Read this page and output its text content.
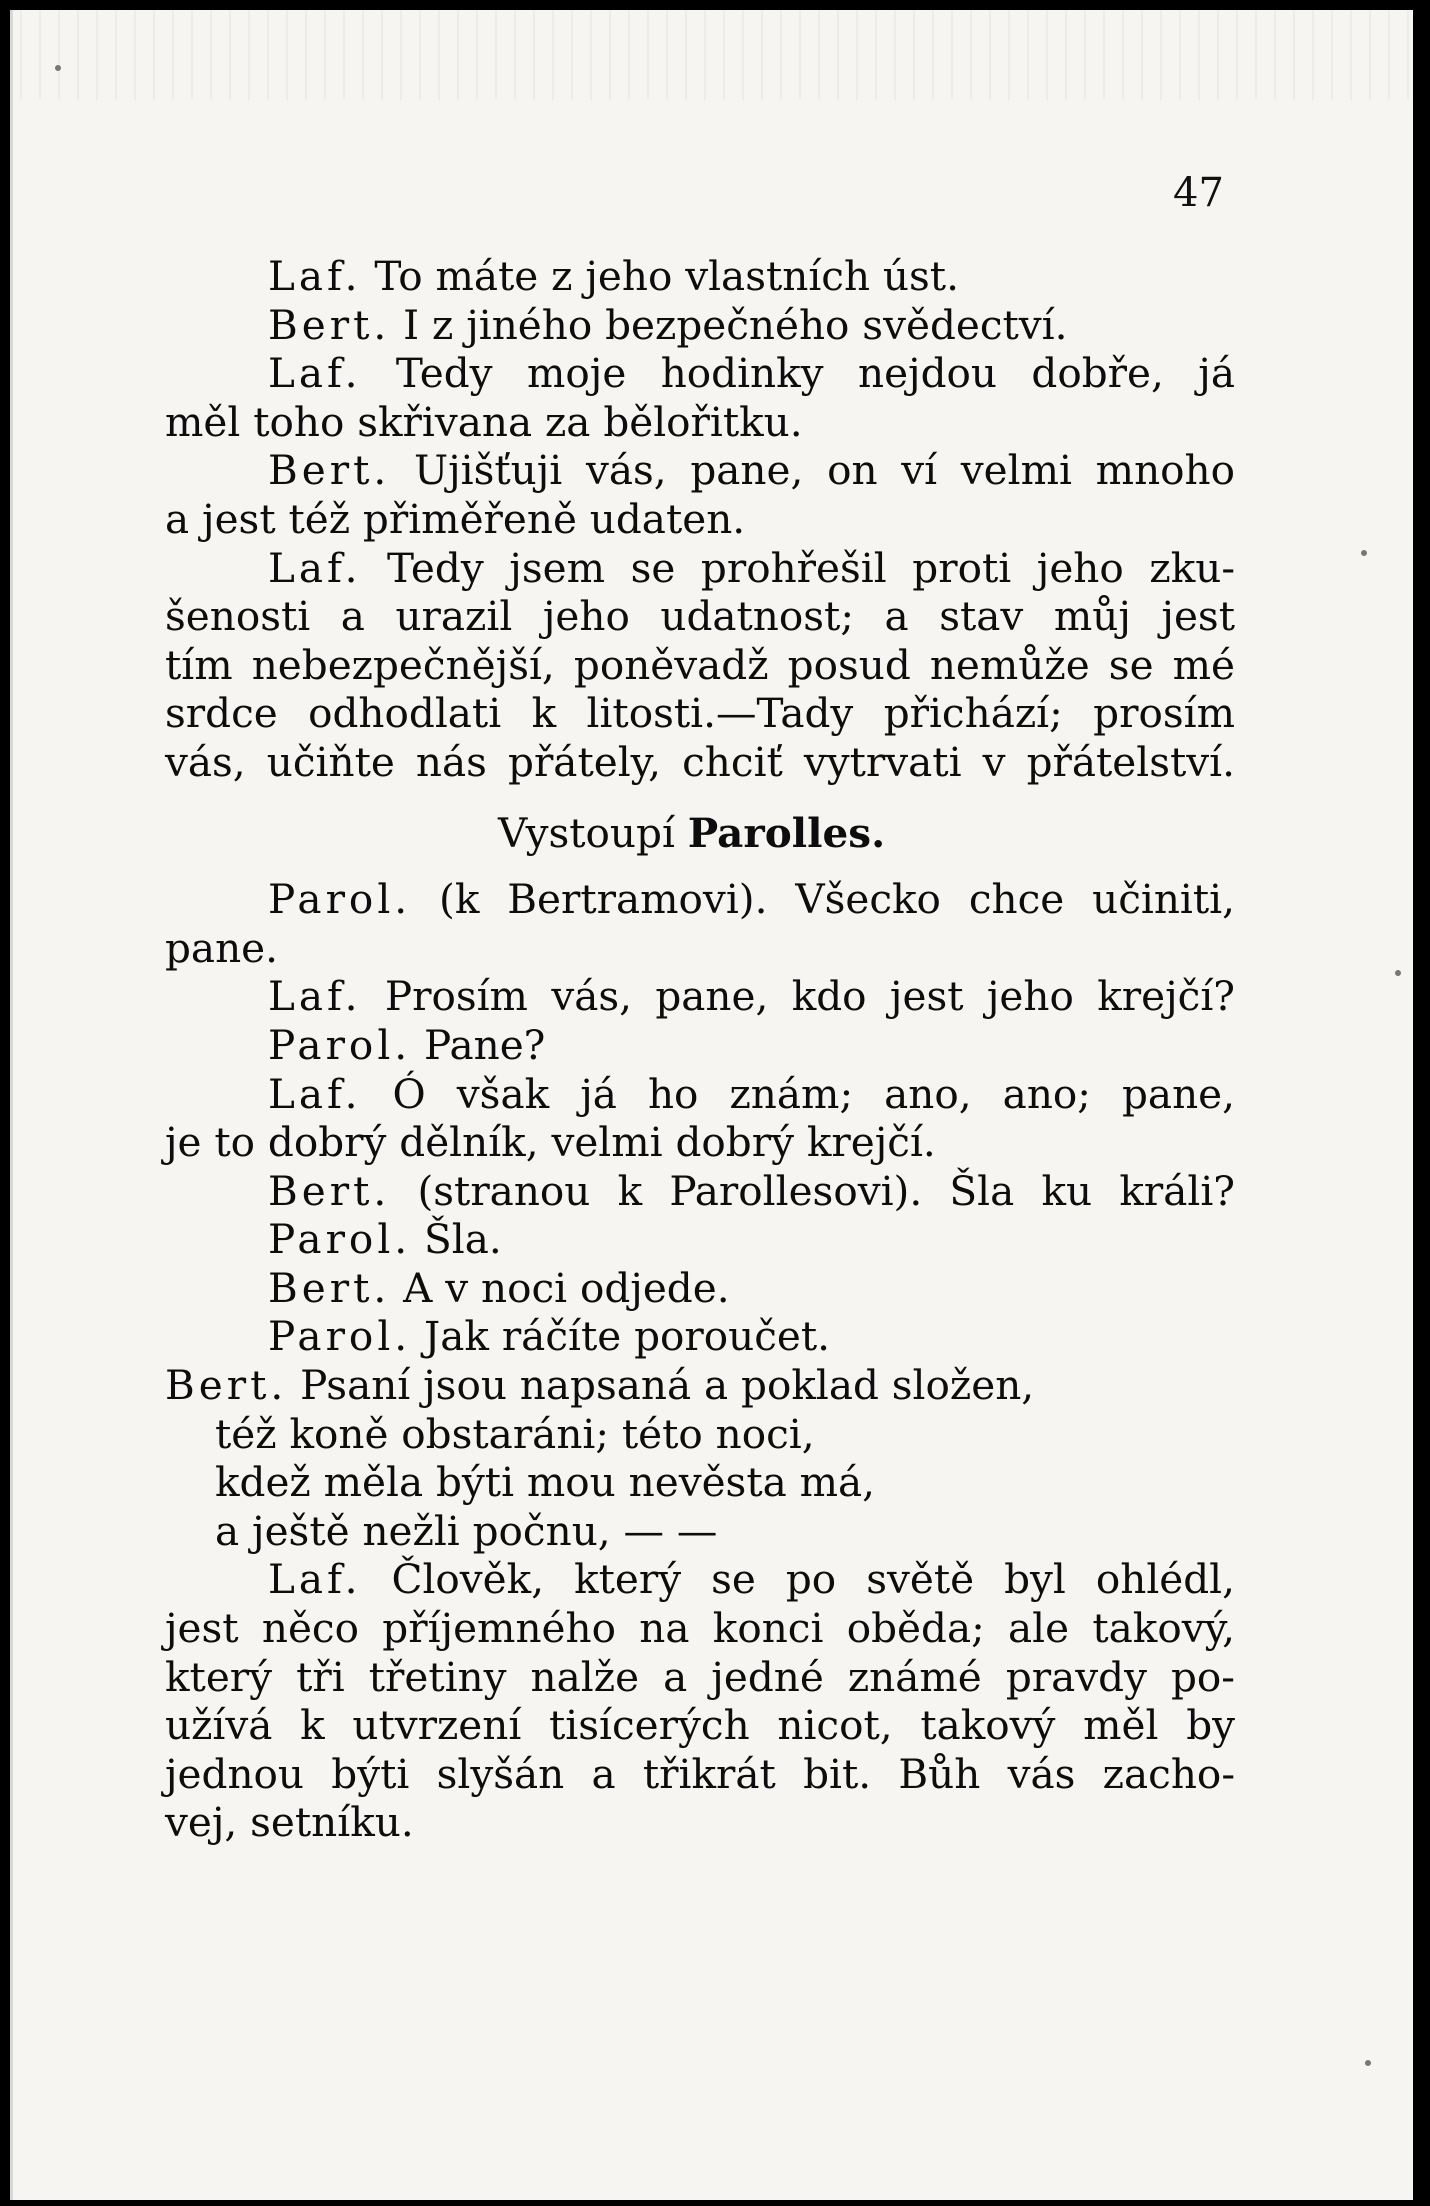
47
Laf. To máte z jeho vlastních úst.
Bert. I z jiného bezpečného svědectví.
Laf. Tedy moje hodinky nejdou dobře, já
měl toho skřivana za bělořitku.
Bert. Ujišťuji vás, pane, on ví velmi mnoho
a jest též přiměřeně udaten.
Laf. Tedy jsem se prohřešil proti jeho zku-
šenosti a urazil jeho udatnost; a stav můj jest
tím nebezpečnější, poněvadž posud nemůže se mé
srdce odhodlati k litosti.—Tady přichází; prosím
vás, učiňte nás přátely, chciť vytrvati v přátelství.
Vystoupí Parolles.
Parol. (k Bertramovi). Všecko chce učiniti,
pane.
Laf. Prosím vás, pane, kdo jest jeho krejčí?
Parol. Pane?
Laf. Ó však já ho znám; ano, ano; pane,
je to dobrý dělník, velmi dobrý krejčí.
Bert. (stranou k Parollesovi). Šla ku králi?
Parol. Šla.
Bert. A v noci odjede.
Parol. Jak ráčíte poroučet.
Bert. Psaní jsou napsaná a poklad složen,
též koně obstaráni; této noci,
kdež měla býti mou nevěsta má,
a ještě nežli počnu, — —
Laf. Člověk, který se po světě byl ohlédl,
jest něco příjemného na konci oběda; ale takový,
který tři třetiny nalže a jedné známé pravdy po-
užívá k utvrzení tisícerých nicot, takový měl by
jednou býti slyšán a třikrát bit. Bůh vás zacho-
vej, setníku.
